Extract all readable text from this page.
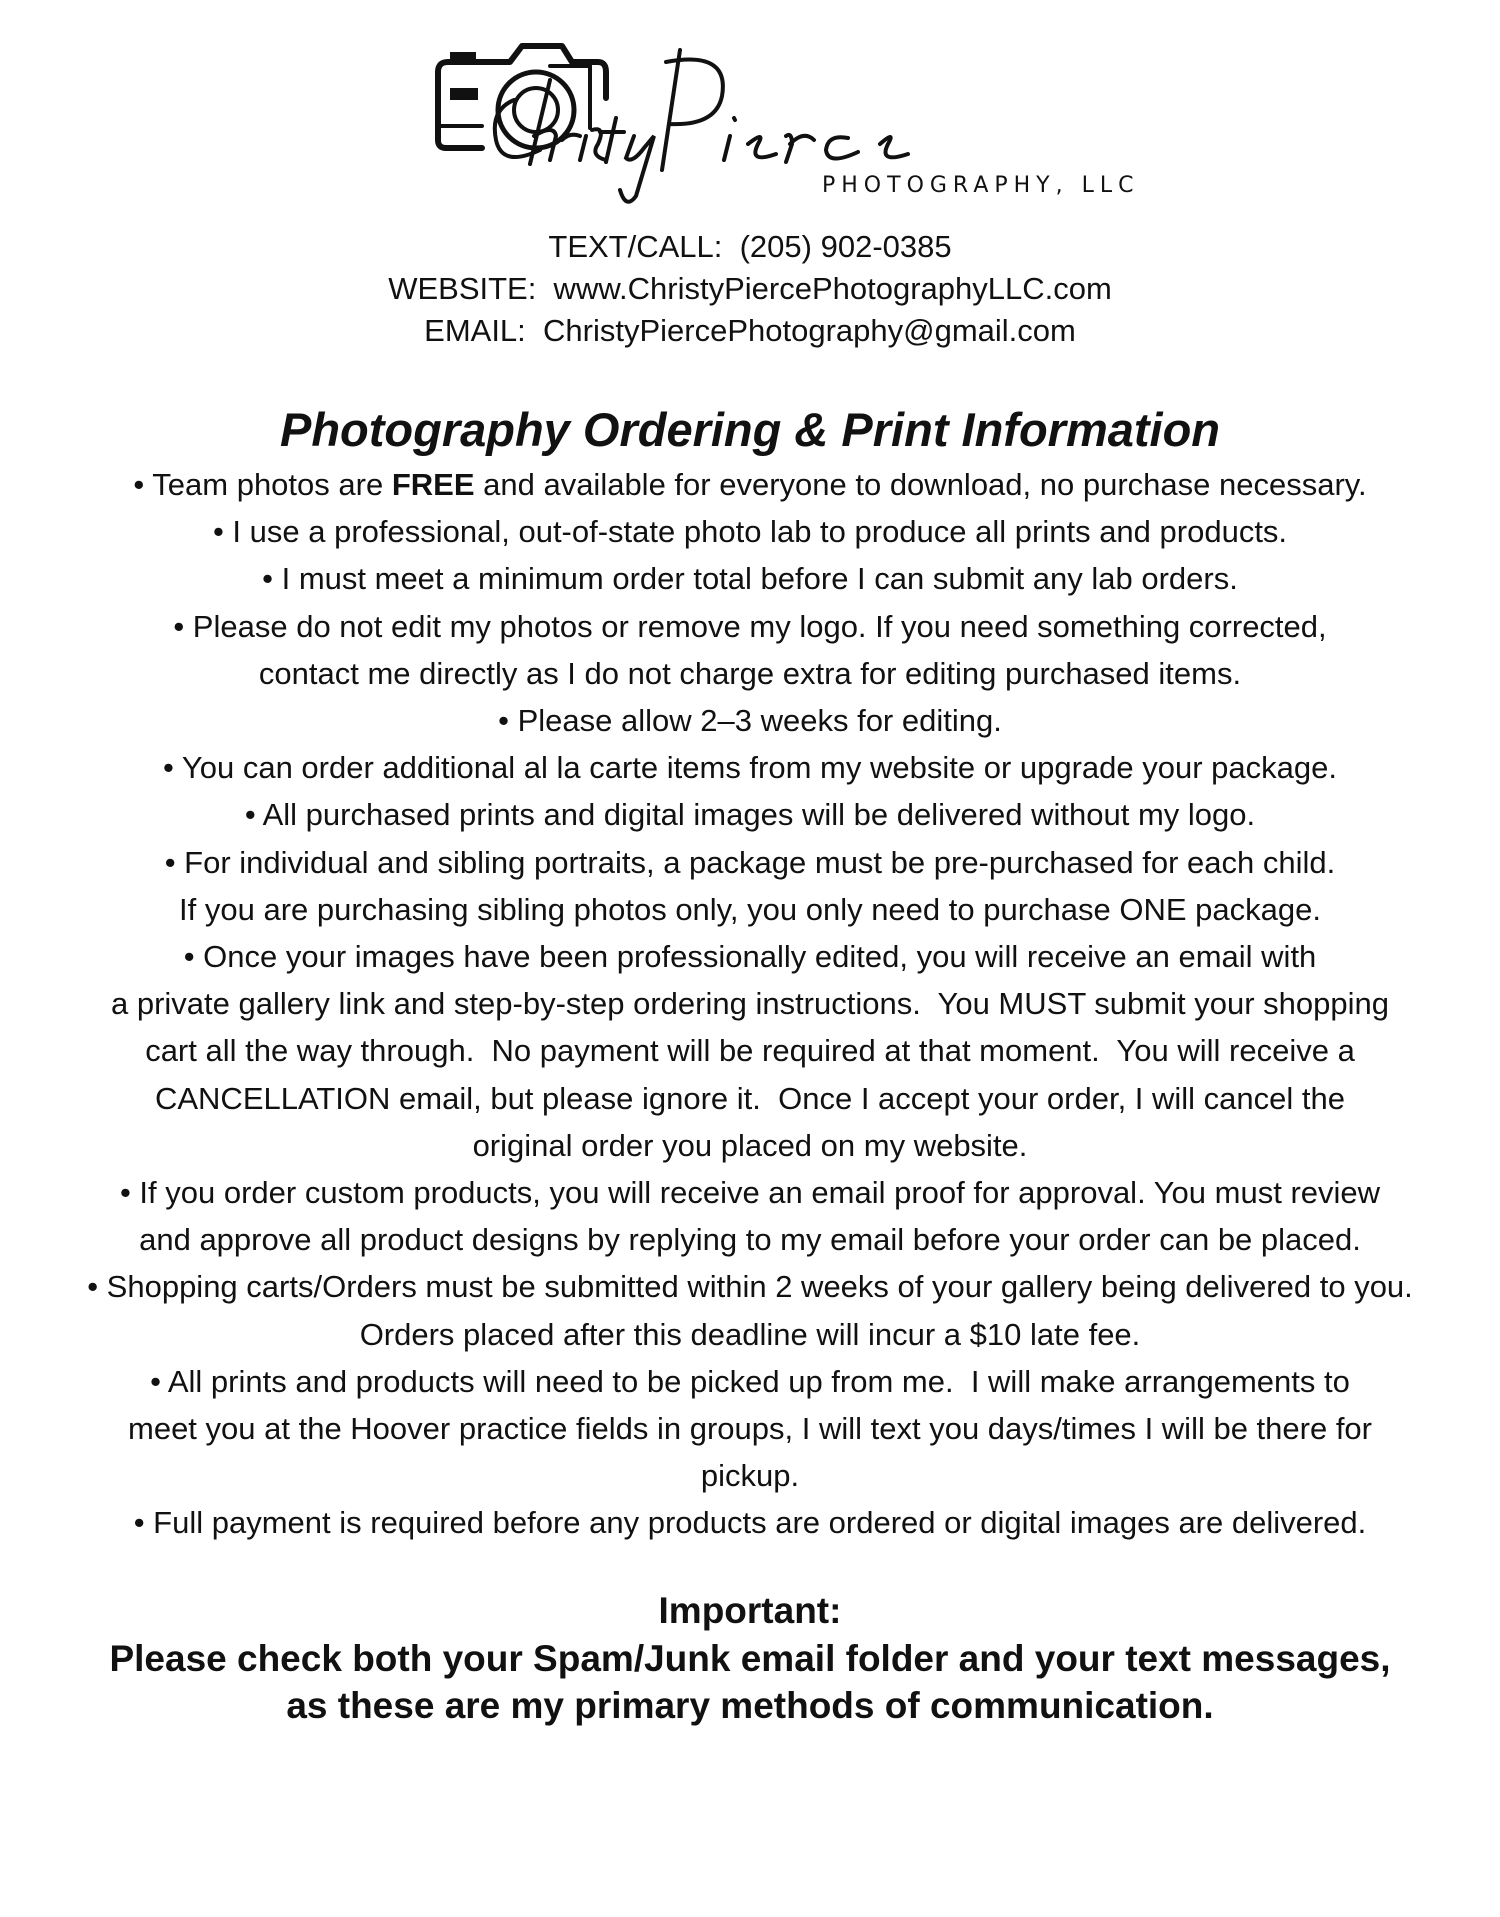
PHOTOGRAPHY, LLC
TEXT/CALL:  (205) 902-0385
WEBSITE:  www.ChristyPiercePhotographyLLC.com
EMAIL:  ChristyPiercePhotography@gmail.com
Photography Ordering & Print Information
• Team photos are FREE and available for everyone to download, no purchase necessary.
• I use a professional, out-of-state photo lab to produce all prints and products.
• I must meet a minimum order total before I can submit any lab orders.
• Please do not edit my photos or remove my logo. If you need something corrected,
contact me directly as I do not charge extra for editing purchased items.
• Please allow 2–3 weeks for editing.
• You can order additional al la carte items from my website or upgrade your package.
• All purchased prints and digital images will be delivered without my logo.
• For individual and sibling portraits, a package must be pre-purchased for each child.
If you are purchasing sibling photos only, you only need to purchase ONE package.
• Once your images have been professionally edited, you will receive an email with
a private gallery link and step-by-step ordering instructions.  You MUST submit your shopping
cart all the way through.  No payment will be required at that moment.  You will receive a
CANCELLATION email, but please ignore it.  Once I accept your order, I will cancel the
original order you placed on my website.
• If you order custom products, you will receive an email proof for approval. You must review
and approve all product designs by replying to my email before your order can be placed.
• Shopping carts/Orders must be submitted within 2 weeks of your gallery being delivered to you.
Orders placed after this deadline will incur a $10 late fee.
• All prints and products will need to be picked up from me.  I will make arrangements to
meet you at the Hoover practice fields in groups, I will text you days/times I will be there for
pickup.
• Full payment is required before any products are ordered or digital images are delivered.
Important:
Please check both your Spam/Junk email folder and your text messages,
as these are my primary methods of communication.
